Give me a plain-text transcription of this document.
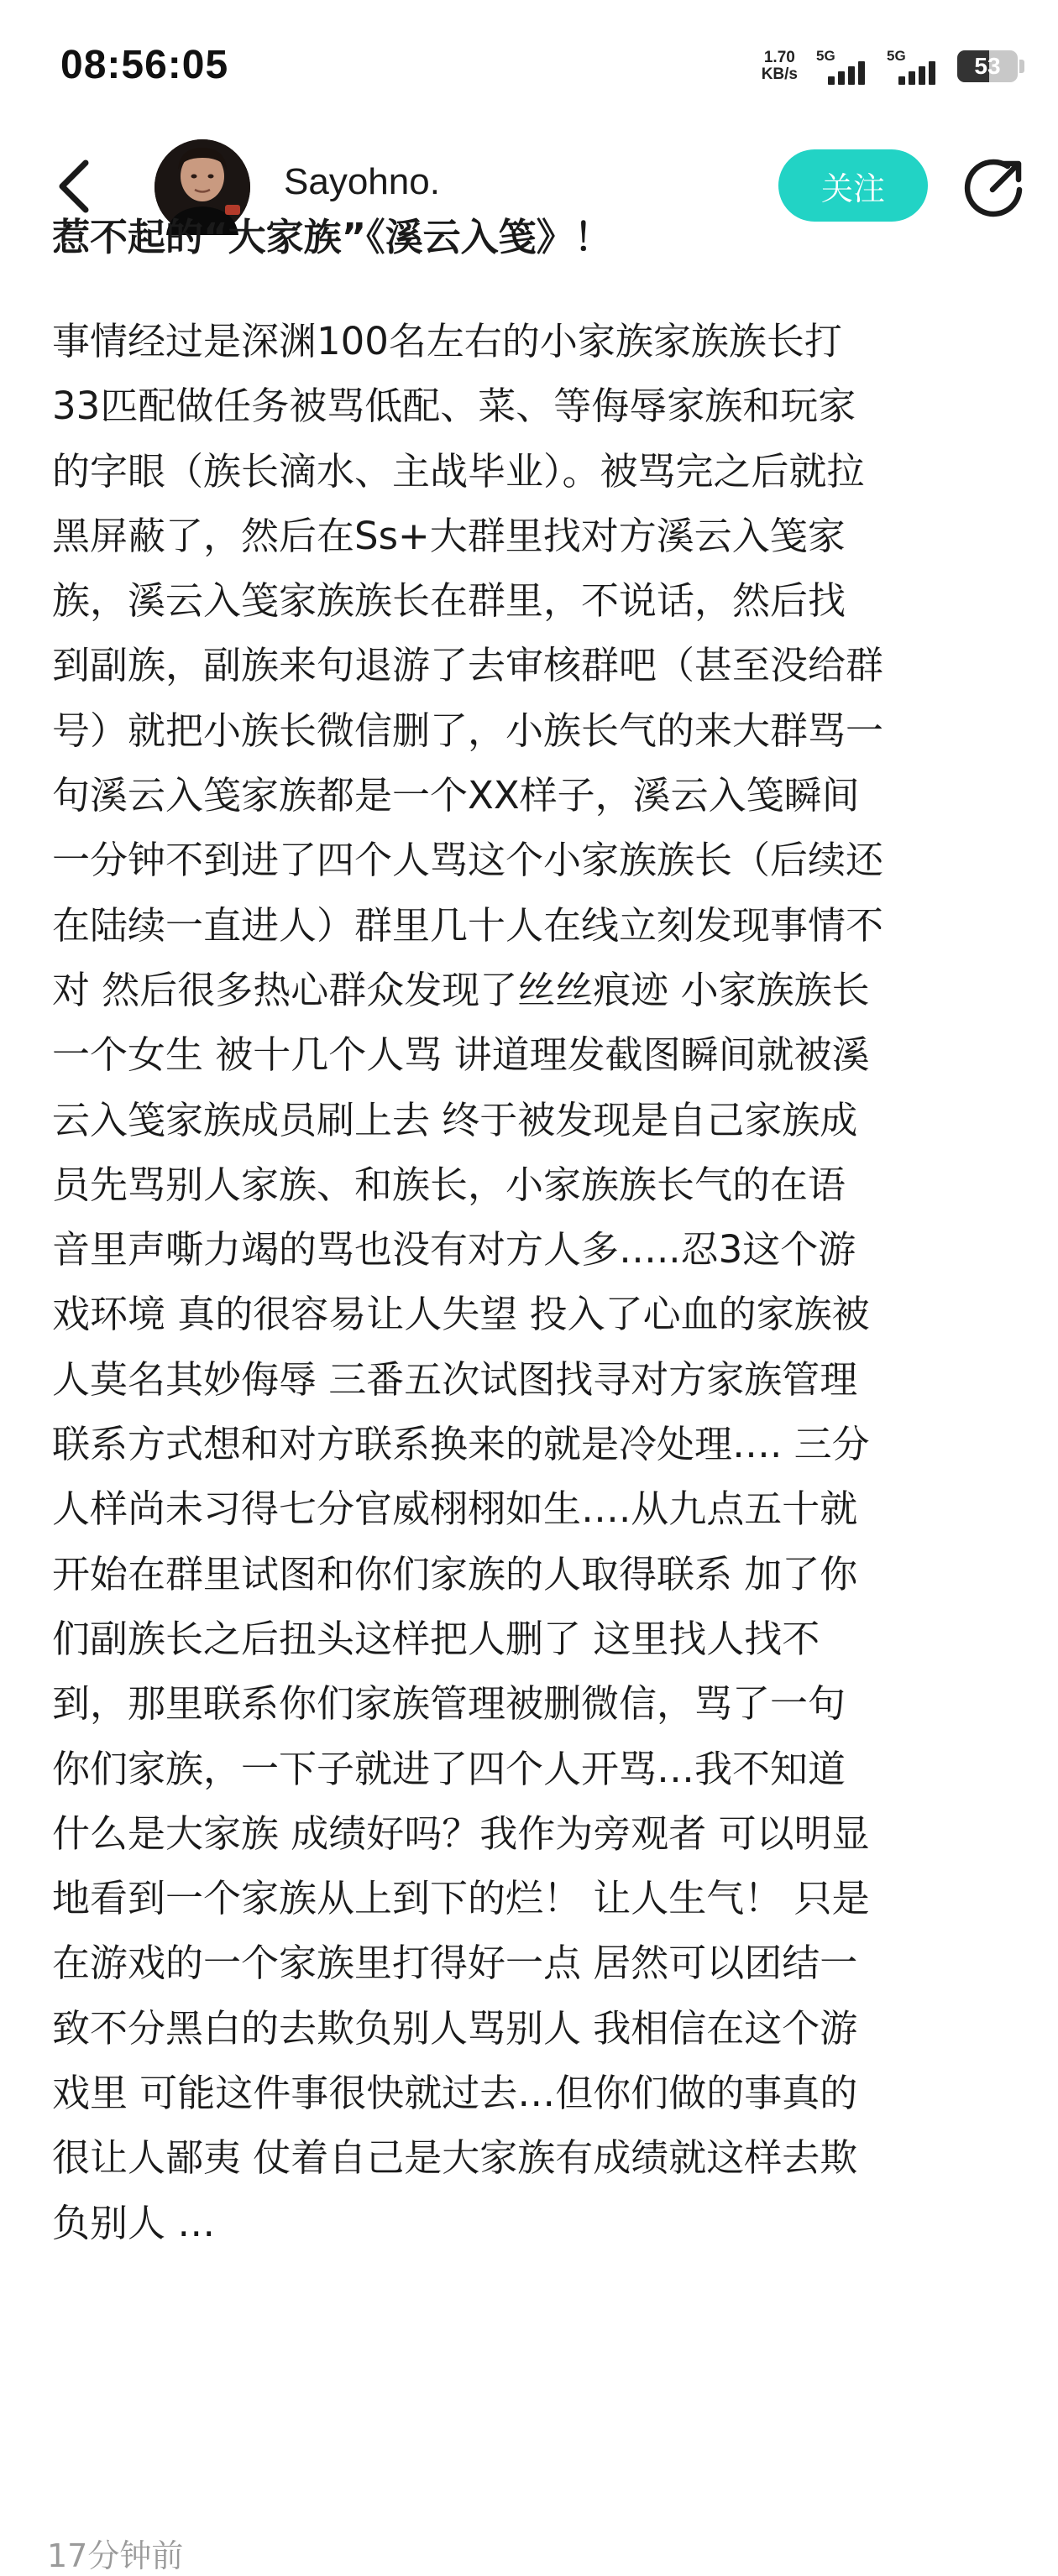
08:56:05	1.70
KB/s
5G	5G	53
Sayohno.	关注
惹不起的“大家族”《溪云入笺》！
事情经过是深渊100名左右的小家族家族族长打
33匹配做任务被骂低配、菜、等侮辱家族和玩家
的字眼（族长滴水、主战毕业）。被骂完之后就拉
黑屏蔽了，然后在Ss+大群里找对方溪云入笺家
族，溪云入笺家族族长在群里，不说话，然后找
到副族，副族来句退游了去审核群吧（甚至没给群
号）就把小族长微信删了，小族长气的来大群骂一
句溪云入笺家族都是一个XX样子，溪云入笺瞬间
一分钟不到进了四个人骂这个小家族族长（后续还
在陆续一直进人）群里几十人在线立刻发现事情不
对 然后很多热心群众发现了丝丝痕迹 小家族族长
一个女生 被十几个人骂 讲道理发截图瞬间就被溪
云入笺家族成员刷上去 终于被发现是自己家族成
员先骂别人家族、和族长，小家族族长气的在语
音里声嘶力竭的骂也没有对方人多…..忍3这个游
戏环境 真的很容易让人失望 投入了心血的家族被
人莫名其妙侮辱 三番五次试图找寻对方家族管理
联系方式想和对方联系换来的就是冷处理…. 三分
人样尚未习得七分官威栩栩如生….从九点五十就
开始在群里试图和你们家族的人取得联系 加了你
们副族长之后扭头这样把人删了 这里找人找不
到，那里联系你们家族管理被删微信，骂了一句
你们家族，一下子就进了四个人开骂…我不知道
什么是大家族 成绩好吗？我作为旁观者 可以明显
地看到一个家族从上到下的烂！ 让人生气！ 只是
在游戏的一个家族里打得好一点 居然可以团结一
致不分黑白的去欺负别人骂别人 我相信在这个游
戏里 可能这件事很快就过去…但你们做的事真的
很让人鄙夷 仗着自己是大家族有成绩就这样去欺
负别人 …
17分钟前
